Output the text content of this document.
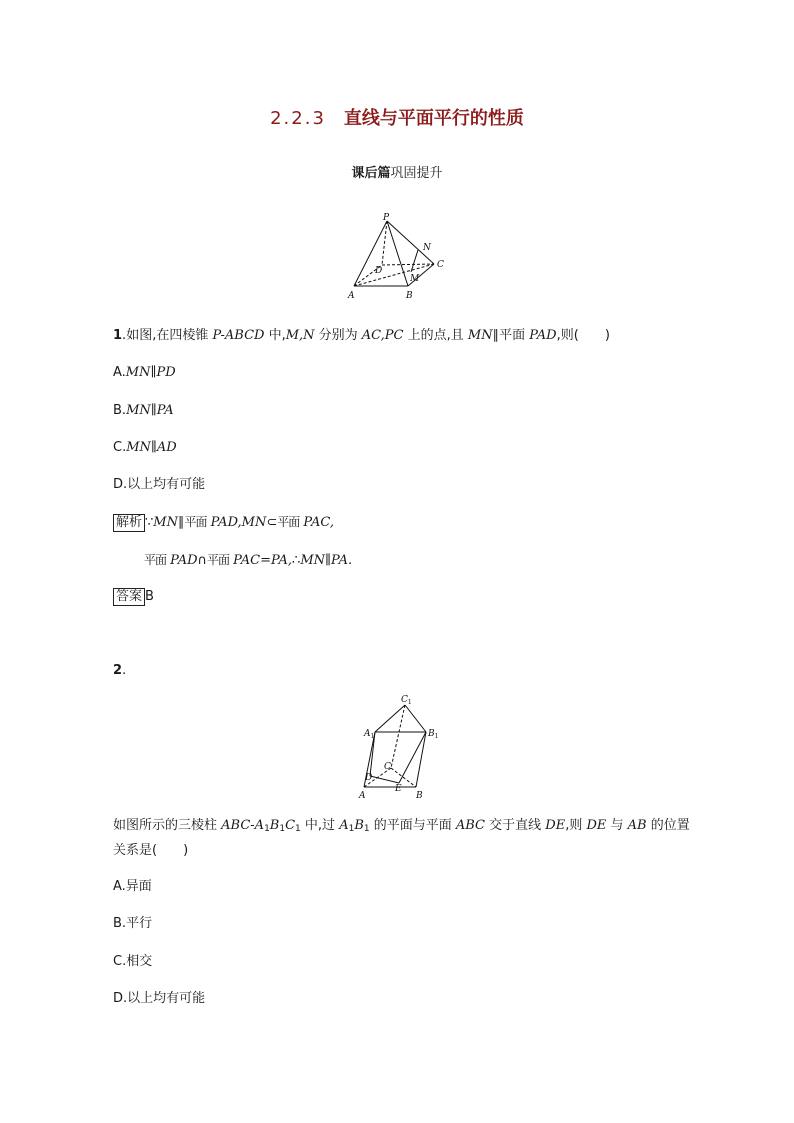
2.2.3 直线与平面平行的性质
课后篇巩固提升
P
N
C
D
M
A	B
1.如图,在四棱锥 P-ABCD 中,M,N 分别为 AC,PC 上的点,且 MN∥平面 PAD,则(　　)
A.MN∥PD
B.MN∥PA
C.MN∥AD
D.以上均有可能
解析 ∵MN∥平面 PAD,MN⊂平面 PAC,
平面 PAD∩平面 PAC=PA,∴MN∥PA.
答案 B
2.
$C_1$
$A_1$	$B_1$
D
C
E
A	B
如图所示的三棱柱 ABC-$A_1B_1C_1$ 中,过 $A_1B_1$ 的平面与平面 ABC 交于直线 DE,则 DE 与 AB 的位置
关系是(　　)
A.异面
B.平行
C.相交
D.以上均有可能
